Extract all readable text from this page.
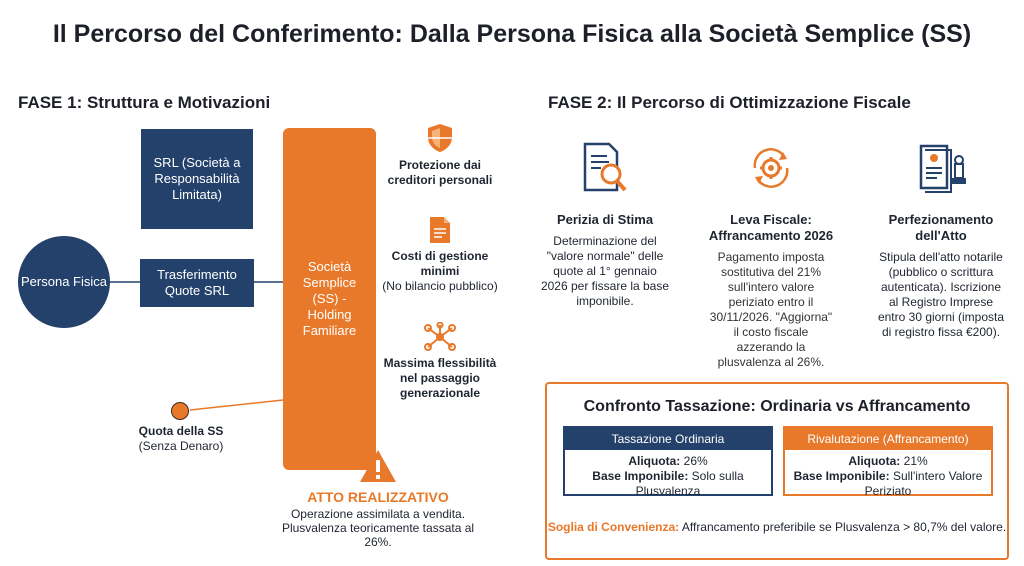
Il Percorso del Conferimento: Dalla Persona Fisica alla Società Semplice (SS)
FASE 1: Struttura e Motivazioni
Persona Fisica
SRL (Società a Responsabilità Limitata)
Trasferimento Quote SRL
Società Semplice (SS) - Holding Familiare
Quota della SS
(Senza Denaro)
Protezione dai creditori personali
Costi di gestione minimi
(No bilancio pubblico)
Massima flessibilità nel passaggio generazionale
ATTO REALIZZATIVO
Operazione assimilata a vendita. Plusvalenza teoricamente tassata al 26%.
FASE 2: Il Percorso di Ottimizzazione Fiscale
Perizia di Stima
Determinazione del "valore normale" delle quote al 1° gennaio 2026 per fissare la base imponibile.
Leva Fiscale: Affrancamento 2026
Pagamento imposta sostitutiva del 21% sull'intero valore periziato entro il 30/11/2026. "Aggiorna" il costo fiscale azzerando la plusvalenza al 26%.
Perfezionamento dell'Atto
Stipula dell'atto notarile (pubblico o scrittura autenticata). Iscrizione al Registro Imprese entro 30 giorni (imposta di registro fissa €200).
Confronto Tassazione: Ordinaria vs Affrancamento
Tassazione Ordinaria
Aliquota: 26%
Base Imponibile: Solo sulla Plusvalenza
Rivalutazione (Affrancamento)
Aliquota: 21%
Base Imponibile: Sull'intero Valore Periziato
Soglia di Convenienza: Affrancamento preferibile se Plusvalenza > 80,7% del valore.
